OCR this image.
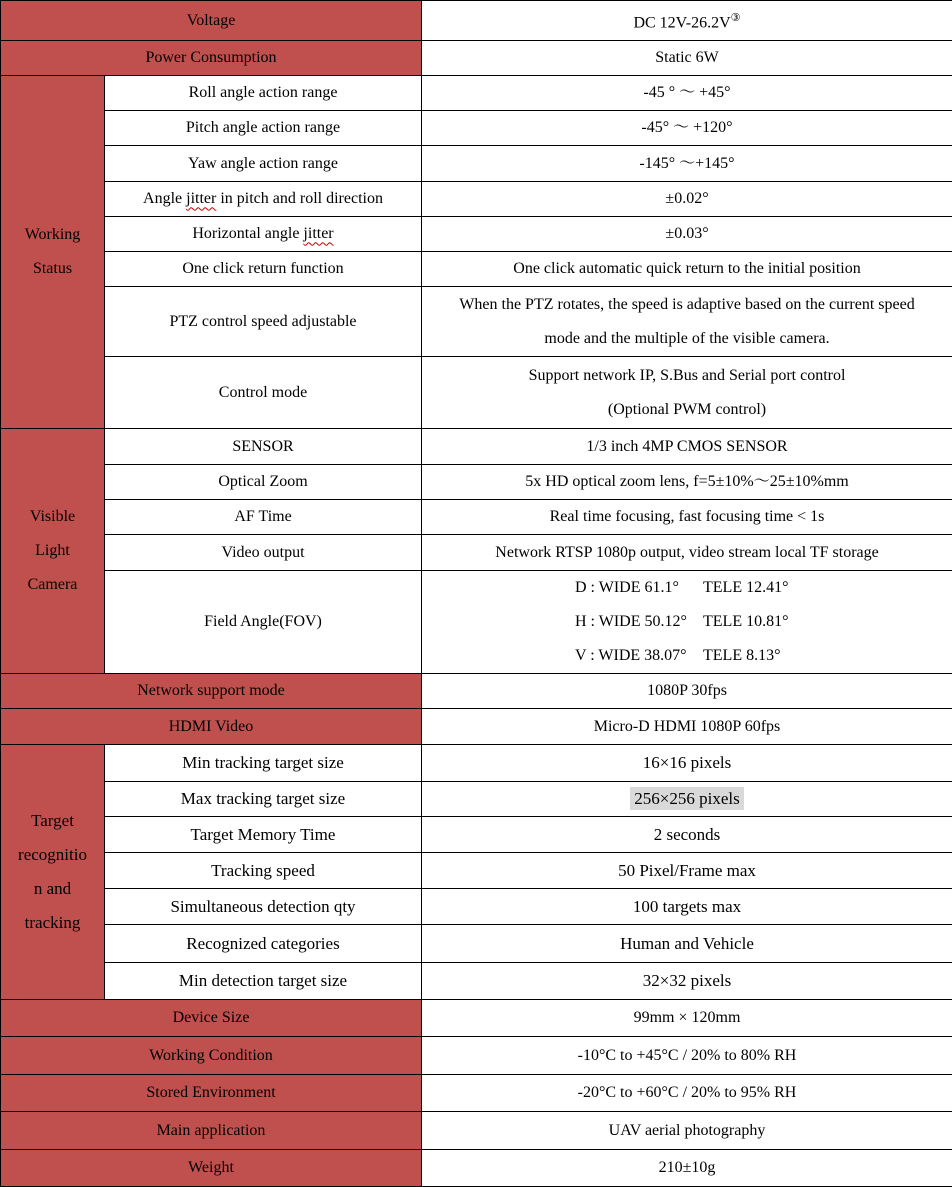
Voltage		DC 12V-26.2V③
Power Consumption		Static 6W
Working
Status	Roll angle action range	-45 ° ～ +45°
	Pitch angle action range	-45° ～ +120°
	Yaw angle action range	-145° ～+145°
	Angle jitter in pitch and roll direction	±0.02°
	Horizontal angle jitter	±0.03°
	One click return function	One click automatic quick return to the initial position
	PTZ control speed adjustable	When the PTZ rotates, the speed is adaptive based on the current speed
mode and the multiple of the visible camera.
	Control mode	Support network IP, S.Bus and Serial port control
(Optional PWM control)
Visible
Light
Camera	SENSOR	1/3 inch 4MP CMOS SENSOR
	Optical Zoom	5x HD optical zoom lens, f=5±10%～25±10%mm
	AF Time	Real time focusing, fast focusing time < 1s
	Video output	Network RTSP 1080p output, video stream local TF storage
	Field Angle(FOV)	D : WIDE 61.1° TELE 12.41°
H : WIDE 50.12° TELE 10.81°
V : WIDE 38.07° TELE 8.13°

Network support mode		1080P 30fps
HDMI Video		Micro-D HDMI 1080P 60fps
Target
recognitio
n and
tracking	Min tracking target size	16×16 pixels
	Max tracking target size	256×256 pixels
	Target Memory Time	2 seconds
	Tracking speed	50 Pixel/Frame max
	Simultaneous detection qty	100 targets max
	Recognized categories	Human and Vehicle
	Min detection target size	32×32 pixels
Device Size		99mm × 120mm
Working Condition		-10°C to +45°C / 20% to 80% RH
Stored Environment		-20°C to +60°C / 20% to 95% RH
Main application		UAV aerial photography
Weight		210±10g
